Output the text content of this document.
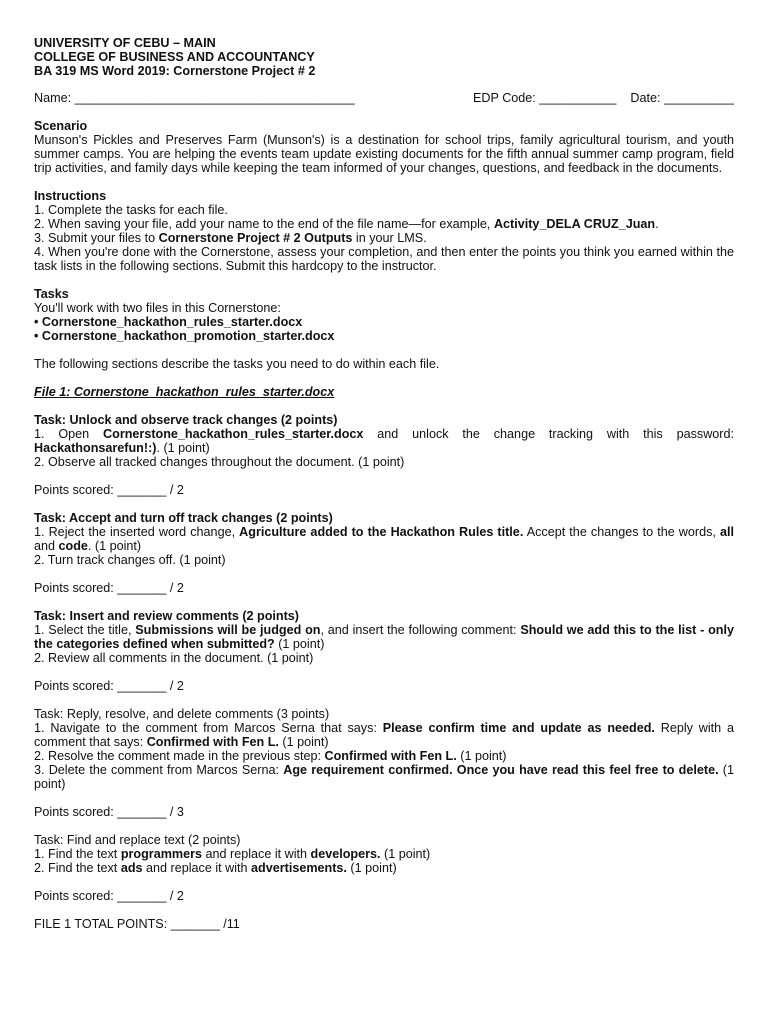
UNIVERSITY OF CEBU – MAIN

COLLEGE OF BUSINESS AND ACCOUNTANCY

BA 319 MS Word 2019: Cornerstone Project # 2

Name: ________________________________________	EDP Code: ___________ Date: __________

Scenario

Munson's Pickles and Preserves Farm (Munson's) is a destination for school trips, family agricultural tourism, and youth summer camps. You are helping the events team update existing documents for the fifth annual summer camp program, field trip activities, and family days while keeping the team informed of your changes, questions, and feedback in the documents.

Instructions

1. Complete the tasks for each file.

2. When saving your file, add your name to the end of the file name—for example, Activity_DELA CRUZ_Juan.

3. Submit your files to Cornerstone Project # 2 Outputs in your LMS.

4. When you're done with the Cornerstone, assess your completion, and then enter the points you think you earned within the task lists in the following sections. Submit this hardcopy to the instructor.

Tasks

You'll work with two files in this Cornerstone:

• Cornerstone_hackathon_rules_starter.docx

• Cornerstone_hackathon_promotion_starter.docx

The following sections describe the tasks you need to do within each file.

File 1: Cornerstone_hackathon_rules_starter.docx

Task: Unlock and observe track changes (2 points)

1. Open Cornerstone_hackathon_rules_starter.docx and unlock the change tracking with this password: Hackathonsarefun!:). (1 point)

2. Observe all tracked changes throughout the document. (1 point)

Points scored: _______ / 2

Task: Accept and turn off track changes (2 points)

1. Reject the inserted word change, Agriculture added to the Hackathon Rules title. Accept the changes to the words, all and code. (1 point)

2. Turn track changes off. (1 point)

Points scored: _______ / 2

Task: Insert and review comments (2 points)

1. Select the title, Submissions will be judged on, and insert the following comment: Should we add this to the list - only the categories defined when submitted? (1 point)

2. Review all comments in the document. (1 point)

Points scored: _______ / 2

Task: Reply, resolve, and delete comments (3 points)

1. Navigate to the comment from Marcos Serna that says: Please confirm time and update as needed. Reply with a comment that says: Confirmed with Fen L. (1 point)

2. Resolve the comment made in the previous step: Confirmed with Fen L. (1 point)

3. Delete the comment from Marcos Serna: Age requirement confirmed. Once you have read this feel free to delete. (1 point)

Points scored: _______ / 3

Task: Find and replace text (2 points)

1. Find the text programmers and replace it with developers. (1 point)

2. Find the text ads and replace it with advertisements. (1 point)

Points scored: _______ / 2

FILE 1 TOTAL POINTS: _______ /11
